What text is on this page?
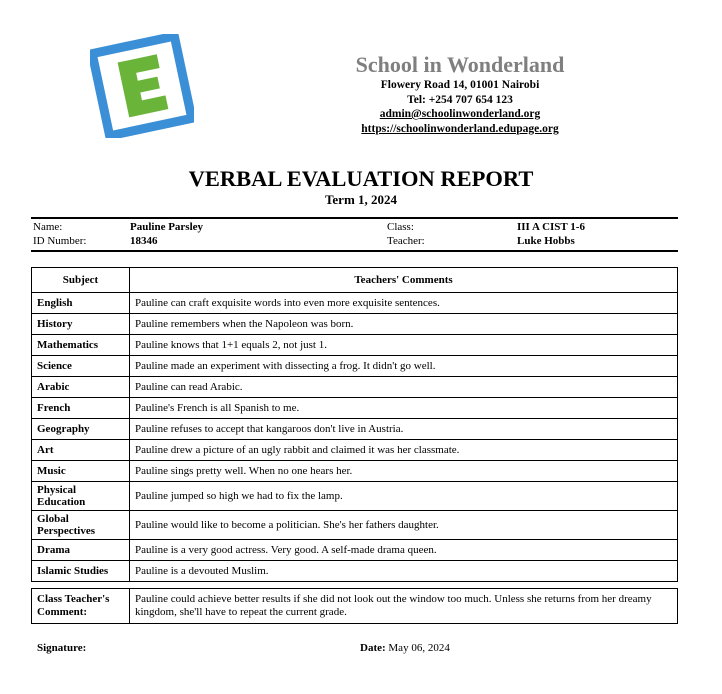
School in Wonderland
Flowery Road 14, 01001 Nairobi
Tel: +254 707 654 123
admin@schoolinwonderland.org
https://schoolinwonderland.edupage.org
VERBAL EVALUATION REPORT
Term 1, 2024
Name:	Pauline Parsley
ID Number:	18346
Class:	III A CIST 1-6
Teacher:	Luke Hobbs
Subject	Teachers' Comments
English	Pauline can craft exquisite words into even more exquisite sentences.
History	Pauline remembers when the Napoleon was born.
Mathematics	Pauline knows that 1+1 equals 2, not just 1.
Science	Pauline made an experiment with dissecting a frog. It didn't go well.
Arabic	Pauline can read Arabic.
French	Pauline's French is all Spanish to me.
Geography	Pauline refuses to accept that kangaroos don't live in Austria.
Art	Pauline drew a picture of an ugly rabbit and claimed it was her classmate.
Music	Pauline sings pretty well. When no one hears her.
Physical Education	Pauline jumped so high we had to fix the lamp.
Global Perspectives	Pauline would like to become a politician. She's her fathers daughter.
Drama	Pauline is a very good actress. Very good. A self-made drama queen.
Islamic Studies	Pauline is a devouted Muslim.
Class Teacher's Comment:	Pauline could achieve better results if she did not look out the window too much. Unless she returns from her dreamy kingdom, she'll have to repeat the current grade.
Signature:	Date: May 06, 2024
